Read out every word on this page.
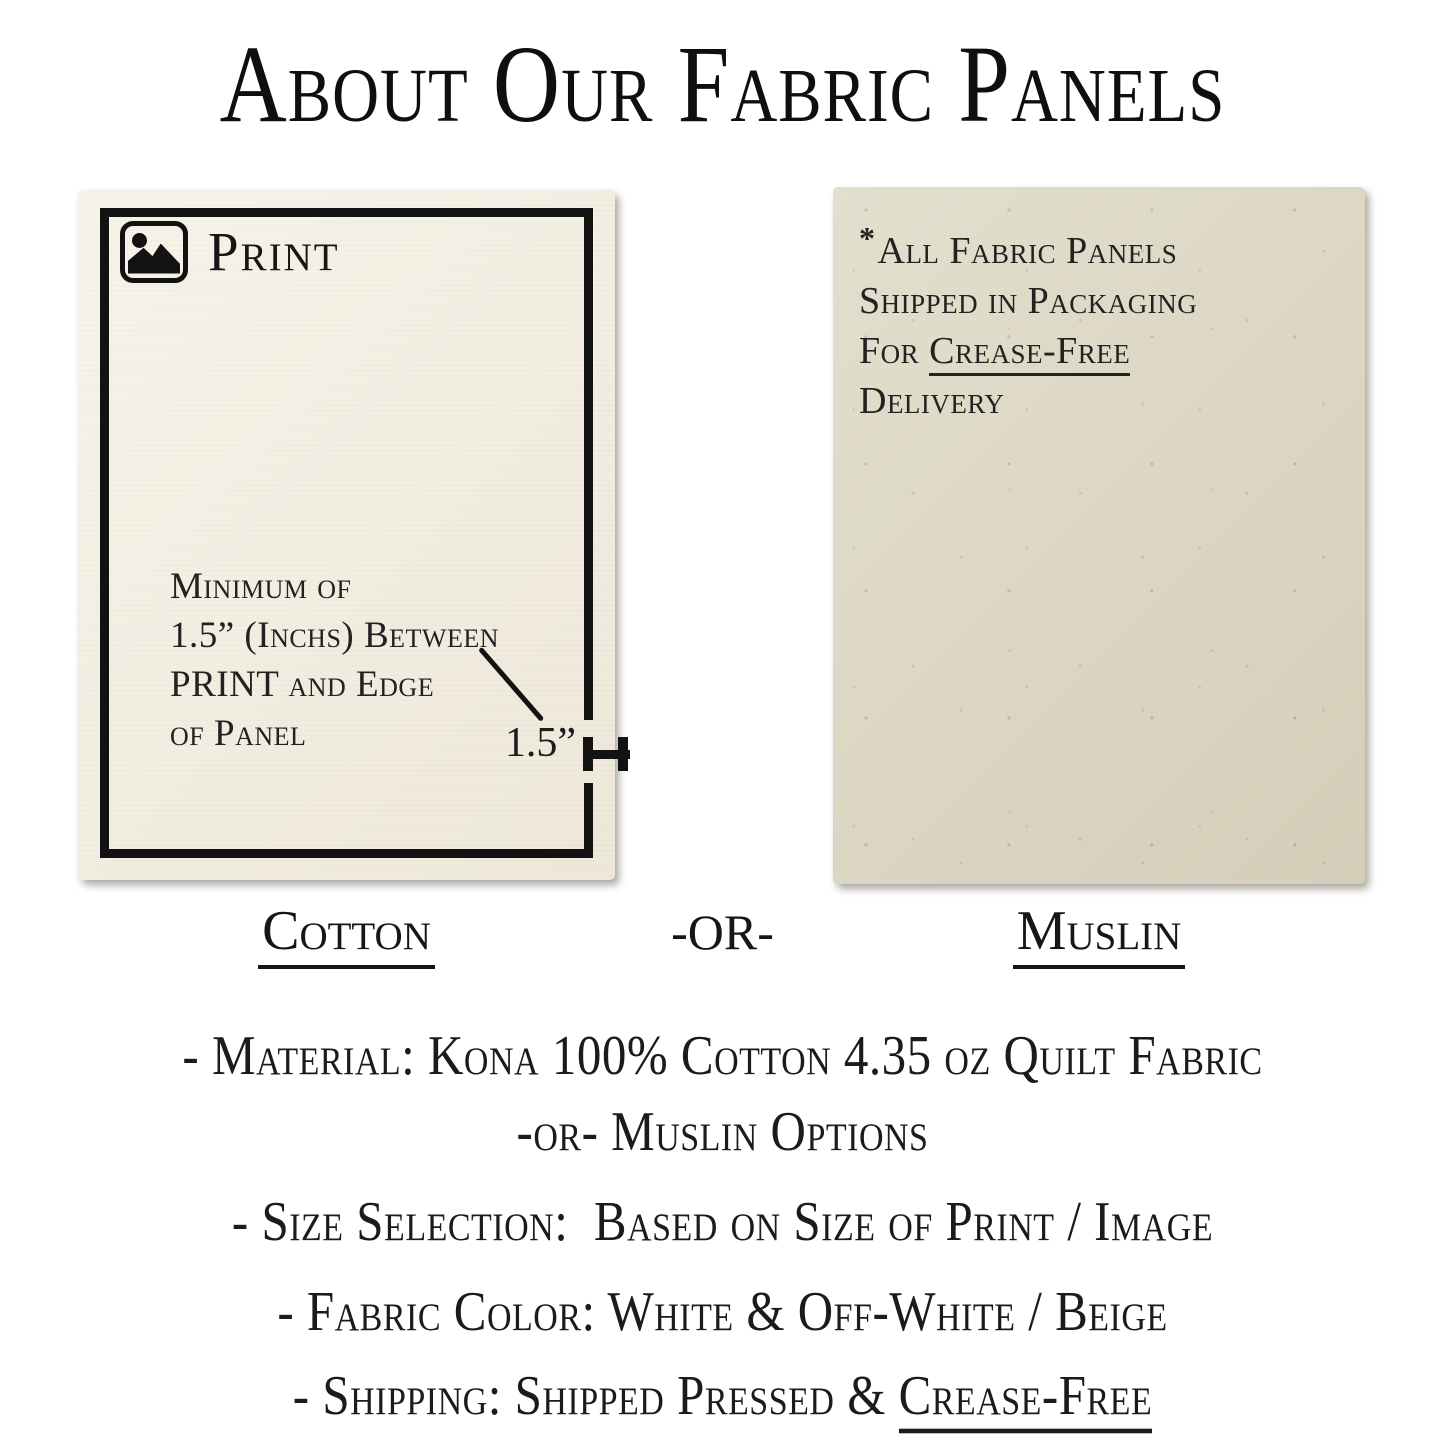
About Our Fabric Panels
Print
Minimum of
1.5” (Inchs) Between
PRINT and Edge
of Panel	1.5”
*All Fabric Panels
Shipped in Packaging
For Crease-Free
Delivery
Cotton	-OR-	Muslin
- Material: Kona 100% Cotton 4.35 oz Quilt Fabric
-or- Muslin Options
- Size Selection:  Based on Size of Print / Image
- Fabric Color: White & Off-White / Beige
- Shipping: Shipped Pressed & Crease-Free
